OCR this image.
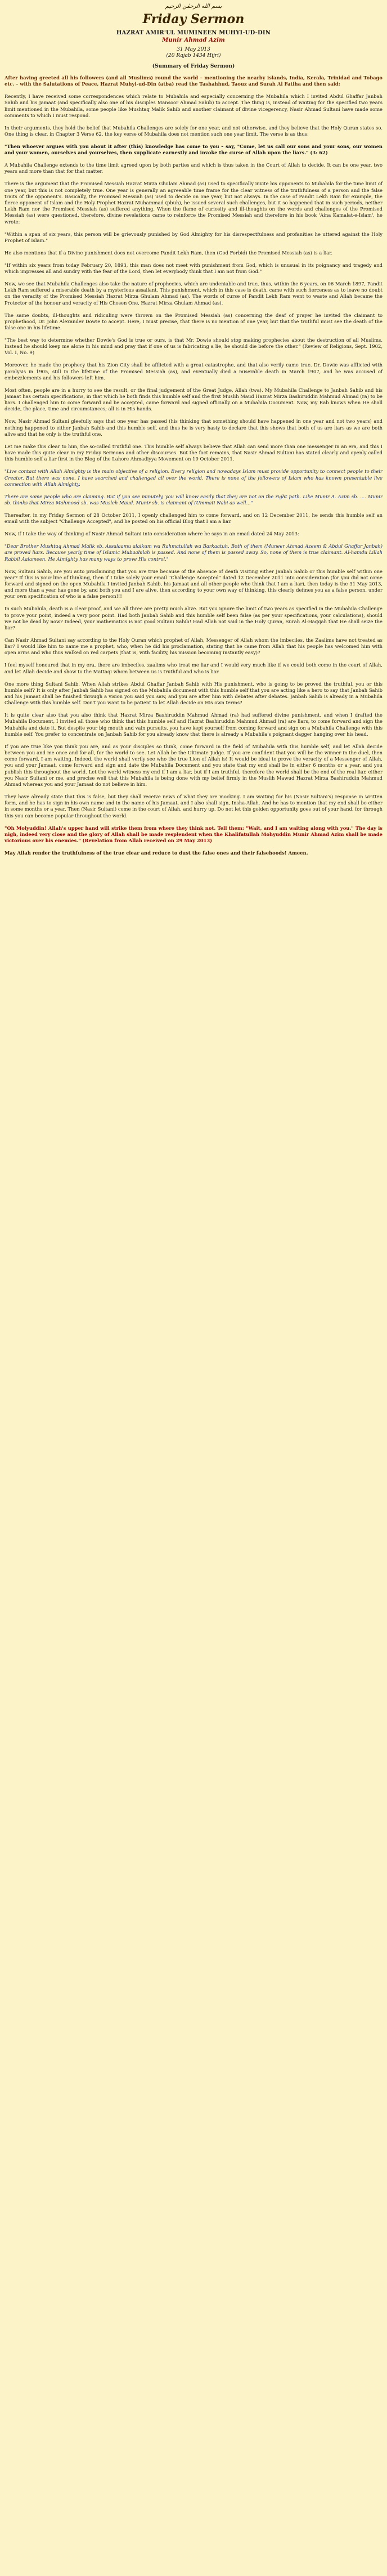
بسم الله الرحمٰن الرحيم
Friday Sermon
HAZRAT AMIR'UL MUMINEEN MUHYI-UD-DIN
Munir Ahmad Azim
31 May 2013
(20 Rajab 1434 Hijri)
(Summary of Friday Sermon)

After having greeted all his followers (and all Muslims) round the world – mentioning the nearby islands, India, Kerala, Trinidad and Tobago etc. – with the Salutations of Peace, Hazrat Muhyi-ud-Din (atba) read the Tashahhud, Taouz and Surah Al Fatiha and then said:

Recently, I have received some correspondences which relate to Mubahila and especially concerning the Mubahila which I invited Abdul Ghaffar Janbah Sahib and his Jamaat (and specifically also one of his disciples Mansoor Ahmad Sahib) to accept. The thing is, instead of waiting for the specified two years limit mentioned in the Mubahila, some people like Mushtaq Malik Sahib and another claimant of divine vicegerency, Nasir Ahmad Sultani have made some comments to which I must respond.

In their arguments, they hold the belief that Mubahila Challenges are solely for one year, and not otherwise, and they believe that the Holy Quran states so. One thing is clear, in Chapter 3 Verse 62, the key verse of Mubahila does not mention such one year limit. The verse is as thus:

"Then whoever argues with you about it after (this) knowledge has come to you – say, "Come, let us call our sons and your sons, our women and your women, ourselves and yourselves, then supplicate earnestly and invoke the curse of Allah upon the liars." (3: 62)

A Mubahila Challenge extends to the time limit agreed upon by both parties and which is thus taken in the Court of Allah to decide. It can be one year, two years and more than that for that matter.

There is the argument that the Promised Messiah Hazrat Mirza Ghulam Ahmad (as) used to specifically invite his opponents to Mubahila for the time limit of one year, but this is not completely true. One year is generally an agreeable time frame for the clear witness of the truthfulness of a person and the false traits of the opponent's. Basically, the Promised Messiah (as) used to decide on one year, but not always. In the case of Pandit Lekh Ram for example, the fierce opponent of Islam and the Holy Prophet Hazrat Muhammad (pbuh), he issued several such challenges, but it so happened that in such periods, neither Lekh Ram nor the Promised Messiah (as) suffered anything. When the flame of curiosity and ill-thoughts on the words and challenges of the Promised Messiah (as) were questioned, therefore, divine revelations came to reinforce the Promised Messiah and therefore in his book 'Aina Kamalat-e-Islam', he wrote:

"Within a span of six years, this person will be grievously punished by God Almighty for his disrespectfulness and profanities he uttered against the Holy Prophet of Islam."

He also mentions that if a Divine punishment does not overcome Pandit Lekh Ram, then (God Forbid) the Promised Messiah (as) is a liar.

"If within six years from today February 20, 1893, this man does not meet with punishment from God, which is unusual in its poignancy and tragedy and which impresses all and sundry with the fear of the Lord, then let everybody think that I am not from God."

Now, we see that Mubahila Challenges also take the nature of prophecies, which are undeniable and true, thus, within the 6 years, on 06 March 1897, Pandit Lekh Ram suffered a miserable death by a mysterious assailant. This punishment, which in this case is death, came with such fierceness as to leave no doubt on the veracity of the Promised Messiah Hazrat Mirza Ghulam Ahmad (as). The words of curse of Pandit Lekh Ram went to waste and Allah became the Protector of the honour and veracity of His Chosen One, Hazrat Mirza Ghulam Ahmad (as).

The same doubts, ill-thoughts and ridiculing were thrown on the Promised Messiah (as) concerning the deaf of prayer he invited the claimant to prophethood, Dr. John Alexander Dowie to accept. Here, I must precise, that there is no mention of one year, but that the truthful must see the death of the false one in his lifetime.

"The best way to determine whether Dowie's God is true or ours, is that Mr. Dowie should stop making prophecies about the destruction of all Muslims. Instead he should keep me alone in his mind and pray that if one of us is fabricating a lie, he should die before the other." (Review of Religions, Sept. 1902, Vol. I, No. 9)

Moreover, he made the prophecy that his Zion City shall be afflicted with a great catastrophe, and that also verily came true. Dr. Dowie was afflicted with paralysis in 1905, still in the lifetime of the Promised Messiah (as), and eventually died a miserable death in March 1907, and he was accused of embezzlements and his followers left him.

Most often, people are in a hurry to see the result, or the final judgement of the Great Judge, Allah (twa). My Mubahila Challenge to Janbah Sahib and his Jamaat has certain specifications, in that which he both finds this humble self and the first Muslih Maud Hazrat Mirza Bashiruddin Mahmud Ahmad (ra) to be liars. I challenged him to come forward and be accepted, came forward and signed officially on a Mubahila Document. Now, my Rab knows when He shall decide, the place, time and circumstances; all is in His hands.

Now, Nasir Ahmad Sultani gleefully says that one year has passed (his thinking that something should have happened in one year and not two years) and nothing happened to either Janbah Sahib and this humble self, and thus he is very hasty to declare that this shows that both of us are liars as we are both alive and that he only is the truthful one.

Let me make this clear to him, the so-called truthful one. This humble self always believe that Allah can send more than one messenger in an era, and this I have made this quite clear in my Friday Sermons and other discourses. But the fact remains, that Nasir Ahmad Sultani has stated clearly and openly called this humble self a liar first in the Blog of the Lahore Ahmadiyya Movement on 19 October 2011.

"Live contact with Allah Almighty is the main objective of a religion. Every religion and nowadays Islam must provide opportunity to connect people to their Creator. But there was none. I have searched and challenged all over the world. There is none of the followers of Islam who has known presentable live connection with Allah Almighty.

There are some people who are claiming. But if you see minutely, you will know easily that they are not on the right path. Like Munir A. Azim sb. .... Munir sb. thinks that Mirza Mahmood sb. was Musleh Maud. Munir sb. is claimant of (Ummati Nabi as well..."

Thereafter, in my Friday Sermon of 28 October 2011, I openly challenged him to come forward, and on 12 December 2011, he sends this humble self an email with the subject "Challenge Accepted", and he posted on his official Blog that I am a liar.

Now, if I take the way of thinking of Nasir Ahmad Sultani into consideration where he says in an email dated 24 May 2013:

"Dear Brother Mushtaq Ahmad Malik sb. Assalaamu alaikum wa Rahmatullah wa Barkaatuh. Both of them (Muneer Ahmad Azeem & Abdul Ghaffar Janbah) are proved liars. Because yearly time of Islamic Mubaahilah is passed. And none of them is passed away. So, none of them is true claimant. Al-hamdu Lillah Rabbil Aalameen. He Almighty has many ways to prove His control."

Now, Sultani Sahib, are you auto proclaiming that you are true because of the absence of death visiting either Janbah Sahib or this humble self within one year? If this is your line of thinking, then if I take solely your email "Challenge Accepted" dated 12 December 2011 into consideration (for you did not come forward and signed on the open Mubahila I invited Janbah Sahib, his Jamaat and all other people who think that I am a liar), then today is the 31 May 2013, and more than a year has gone by, and both you and I are alive, then according to your own way of thinking, this clearly defines you as a false person, under your own specification of who is a false person!!!

In such Mubahila, death is a clear proof, and we all three are pretty much alive. But you ignore the limit of two years as specified in the Mubahila Challenge to prove your point, indeed a very poor point. Had both Janbah Sahib and this humble self been false (as per your specifications, your calculations), should we not be dead by now? Indeed, your mathematics is not good Sultani Sahib! Had Allah not said in the Holy Quran, Surah Al-Haqqah that He shall seize the liar?

Can Nasir Ahmad Sultani say according to the Holy Quran which prophet of Allah, Messenger of Allah whom the imbeciles, the Zaalims have not treated as liar? I would like him to name me a prophet, who, when he did his proclamation, stating that he came from Allah that his people has welcomed him with open arms and who thus walked on red carpets (that is, with facility, his mission becoming instantly easy)?

I feel myself honoured that in my era, there are imbeciles, zaalims who treat me liar and I would very much like if we could both come in the court of Allah, and let Allah decide and show to the Mattaqi whom between us is truthful and who is liar.

One more thing Sultani Sahib. When Allah strikes Abdul Ghaffar Janbah Sahib with His punishment, who is going to be proved the truthful, you or this humble self? It is only after Janbah Sahib has signed on the Mubahila document with this humble self that you are acting like a hero to say that Janbah Sahib and his Jamaat shall be finished through a vision you said you saw, and you are after him with debates after debates. Janbah Sahib is already in a Mubahila Challenge with this humble self. Don't you want to be patient to let Allah decide on His own terms?

It is quite clear also that you also think that Hazrat Mirza Bashiruddin Mahmud Ahmad (ra) had suffered divine punishment, and when I drafted the Mubahila Document, I invited all those who think that this humble self and Hazrat Bashiruddin Mahmud Ahmad (ra) are liars, to come forward and sign the Mubahila and date it. But despite your big mouth and vain pursuits, you have kept yourself from coming forward and sign on a Mubahila Challenge with this humble self. You prefer to concentrate on Janbah Sahib for you already know that there is already a Mubahila's poignant dagger hanging over his head.

If you are true like you think you are, and as your disciples so think, come forward in the field of Mubahila with this humble self, and let Allah decide between you and me once and for all, for the world to see. Let Allah be the Ultimate Judge. If you are confident that you will be the winner in the duel, then come forward, I am waiting. Indeed, the world shall verily see who the true Lion of Allah is! It would be ideal to prove the veracity of a Messenger of Allah, you and your Jamaat, come forward and sign and date the Mubahila Document and you state that my end shall be in either 6 months or a year, and you publish this throughout the world. Let the world witness my end if I am a liar, but if I am truthful, therefore the world shall be the end of the real liar, either you Nasir Sultani or me, and precise well that this Mubahila is being done with my belief firmly in the Muslih Mawud Hazrat Mirza Bashiruddin Mahmud Ahmad whereas you and your Jamaat do not believe in him.

They have already state that this is false, but they shall receive news of what they are mocking. I am waiting for his (Nasir Sultani's) response in written form, and he has to sign in his own name and in the name of his Jamaat, and I also shall sign, Insha-Allah. And he has to mention that my end shall be either in some months or a year. Then (Nasir Sultani) come in the court of Allah, and hurry up. Do not let this golden opportunity goes out of your hand, for through this you can become popular throughout the world.

"Oh Molyuddin! Allah's upper hand will strike them from where they think not. Tell them: "Wait, and I am waiting along with you." The day is nigh, indeed very close and the glory of Allah shall be made resplendent when the Khalifatullah Mohyuddin Munir Ahmad Azim shall be made victorious over his enemies." (Revelation from Allah received on 29 May 2013)

May Allah render the truthfulness of the true clear and reduce to dust the false ones and their falsehoods! Ameen.
